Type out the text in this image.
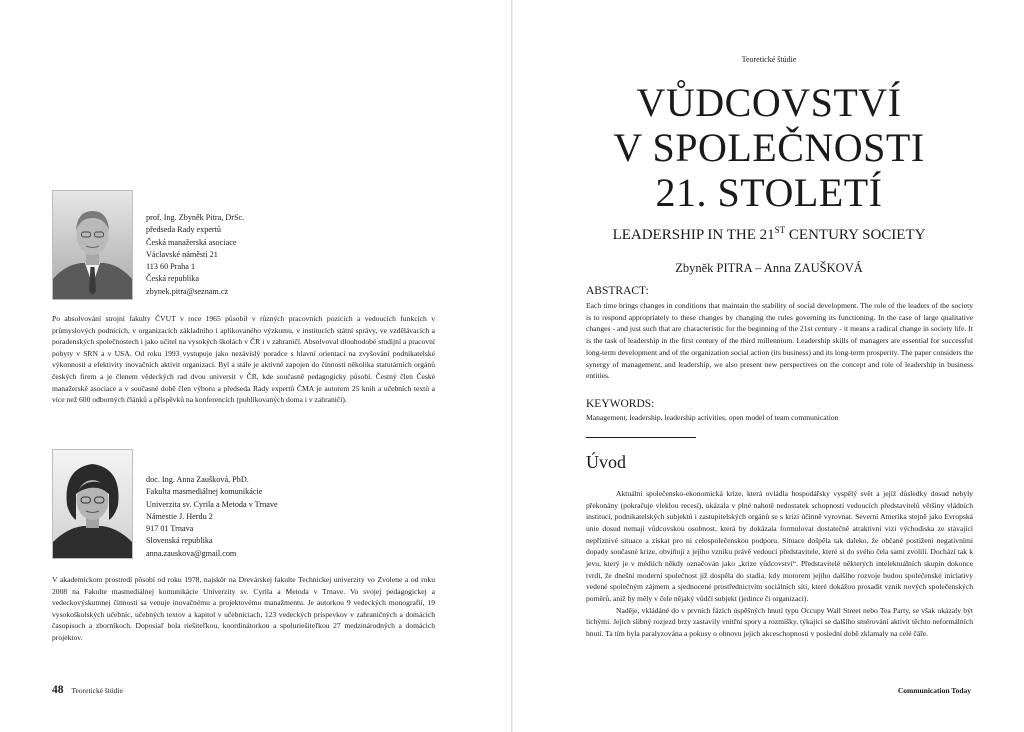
prof. Ing. Zbyněk Pitra, DrSc.
předseda Rady expertů
Česká manažerská asociace
Václavské náměstí 21
113 60 Praha 1
Česká republika
zbynek.pitra@seznam.cz

Po absolvování strojní fakulty ČVUT v roce 1965 působil v různých pracovních pozicích a vedoucích funkcích v průmyslových podnicích, v organizacích základního i aplikovaného výzkumu, v institucích státní správy, ve vzdělávacích a poradenských společnostech i jako učitel na vysokých školách v ČR i v zahraničí. Absolvoval dlouhodobé studijní a pracovní pobyty v SRN a v USA. Od roku 1993 vystupuje jako nezávislý poradce s hlavní orientací na zvyšování podnikatelské výkonnosti a efektivity inovačních aktivit organizací. Byl a stále je aktivně zapojen do činnosti několika statutárních orgánů českých firem a je členem vědeckých rad dvou universit v ČR, kde současně pedagogicky působí. Čestný člen České manažerské asociace a v současné době člen výboru a předseda Rady expertů ČMA je autorem 25 knih a učebních textů a více než 600 odborných článků a příspěvků na konferencích (publikovaných doma i v zahraničí).

doc. Ing. Anna Zaušková, PhD.
Fakulta masmediálnej komunikácie
Univerzita sv. Cyrila a Metoda v Trnave
Námestie J. Herdu 2
917 01 Trnava
Slovenská republika
anna.zauskova@gmail.com

V akademickom prostredí pôsobí od roku 1978, najskôr na Drevárskej fakulte Technickej univerzity vo Zvolene a od roku 2008 na Fakulte masmediálnej komunikácie Univerzity sv. Cyrila a Metoda v Trnave. Vo svojej pedagogickej a vedeckovýskumnej činnosti sa venuje inovačnému a projektovému manažmentu. Je autorkou 9 vedeckých monografií, 19 vysokoškolských učebníc, učebných textov a kapitol v učebniciach, 123 vedeckých príspevkov v zahraničných a domácich časopisoch a zborníkoch. Doposiaľ bola riešiteľkou, koordinátorkou a spoluriešiteľkou 27 medzinárodných a domácich projektov.

48 Teoretické štúdie
Teoretické štúdie
VŮDCOVSTVÍ
V SPOLEČNOSTI
21. STOLETÍ
LEADERSHIP IN THE 21ST CENTURY SOCIETY
Zbyněk PITRA – Anna ZAUŠKOVÁ
ABSTRACT:

Each time brings changes in conditions that maintain the stability of social development. The role of the leaders of the society is to respond appropriately to these changes by changing the rules governing its functioning. In the case of large qualitative changes - and just such that are characteristic for the beginning of the 21st century - it means a radical change in society life. It is the task of leadership in the first century of the third millennium. Leadership skills of managers are essential for successful long-term development and of the organization social action (its business) and its long-term prosperity. The paper considers the synergy of management, and leadership, we also present new perspectives on the concept and role of leadership in business entities.

KEYWORDS:

Management, leadership, leadership activities, open model of team communication

Úvod

Aktuální společensko-ekonomická krize, která ovládla hospodářsky vyspělý svět a jejíž důsledky dosud nebyly překonány (pokračuje vleklou recesí), ukázala v plné nahotě nedostatek schopností vedoucích představitelů většiny vládních institucí, podnikatelských subjektů i zastupitelských orgánů se s krizí účinně vyrovnat. Severní Amerika stejně jako Evropská unie dosud nemají vůdcovskou osobnost, která by dokázala formulovat dostatečně atraktivní vizi východiska ze stávající nepříznivé situace a získat pro ni celospolečenskou podporu. Situace došpěla tak daleko, že občané postižení negativními dopady současné krize, obviňují z jejího vzniku právě vedoucí představitele, které si do svého čela sami zvolili. Dochází tak k jevu, který je v médiích někdy označován jako „krize vůdcovství“. Představitelé některých intelektuálních skupin dokonce tvrdí, že dnešní moderní společnost již dospěla do stadia, kdy motorem jejího dalšího rozvoje budou společenské iniciativy vedené společným zájmem a sjednocené prostřednictvím sociálních sítí, které dokážou prosadit vznik nových společenských poměrů, aniž by měly v čele nějaký vůdčí subjekt (jedince či organizaci).

Naděje, vkládáné do v prvních fázích úspěšných hnutí typu Occupy Wall Street nebo Tea Party, se však ukázaly být lichými. Jejich slibný rozjezd brzy zastavily vnitřní spory a rozmíšky, týkající se dalšího směrování aktivit těchto neformálních hnutí. Ta tím byla paralyzována a pokusy o obnovu jejich akceschopnosti v poslední době zklamaly na celé čáře.

Communication Today
